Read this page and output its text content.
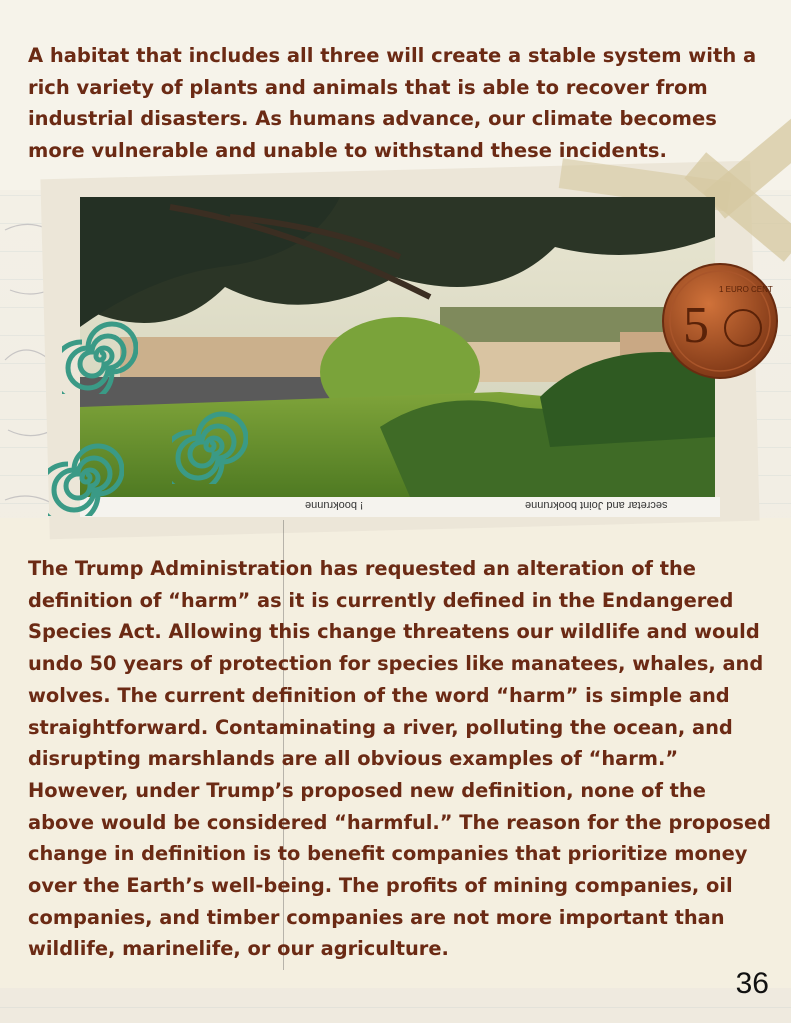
A habitat that includes all three will create a stable system with a rich variety of plants and animals that is able to recover from industrial disasters. As humans advance, our climate becomes more vulnerable and unable to withstand these incidents.

! bookrunne	secretar and Joint bookrunne
5
1 EURO CENT

The Trump Administration has requested an alteration of the definition of “harm” as it is currently defined in the Endangered Species Act. Allowing this change threatens our wildlife and would undo 50 years of protection for species like manatees, whales, and wolves. The current definition of the word “harm” is simple and straightforward. Contaminating a river, polluting the ocean, and disrupting marshlands are all obvious examples of “harm.” However, under Trump’s proposed new definition, none of the above would be considered “harmful.” The reason for the proposed change in definition is to benefit companies that prioritize money over the Earth’s well-being. The profits of mining companies, oil companies, and timber companies are not more important than wildlife, marinelife, or our agriculture.

36
